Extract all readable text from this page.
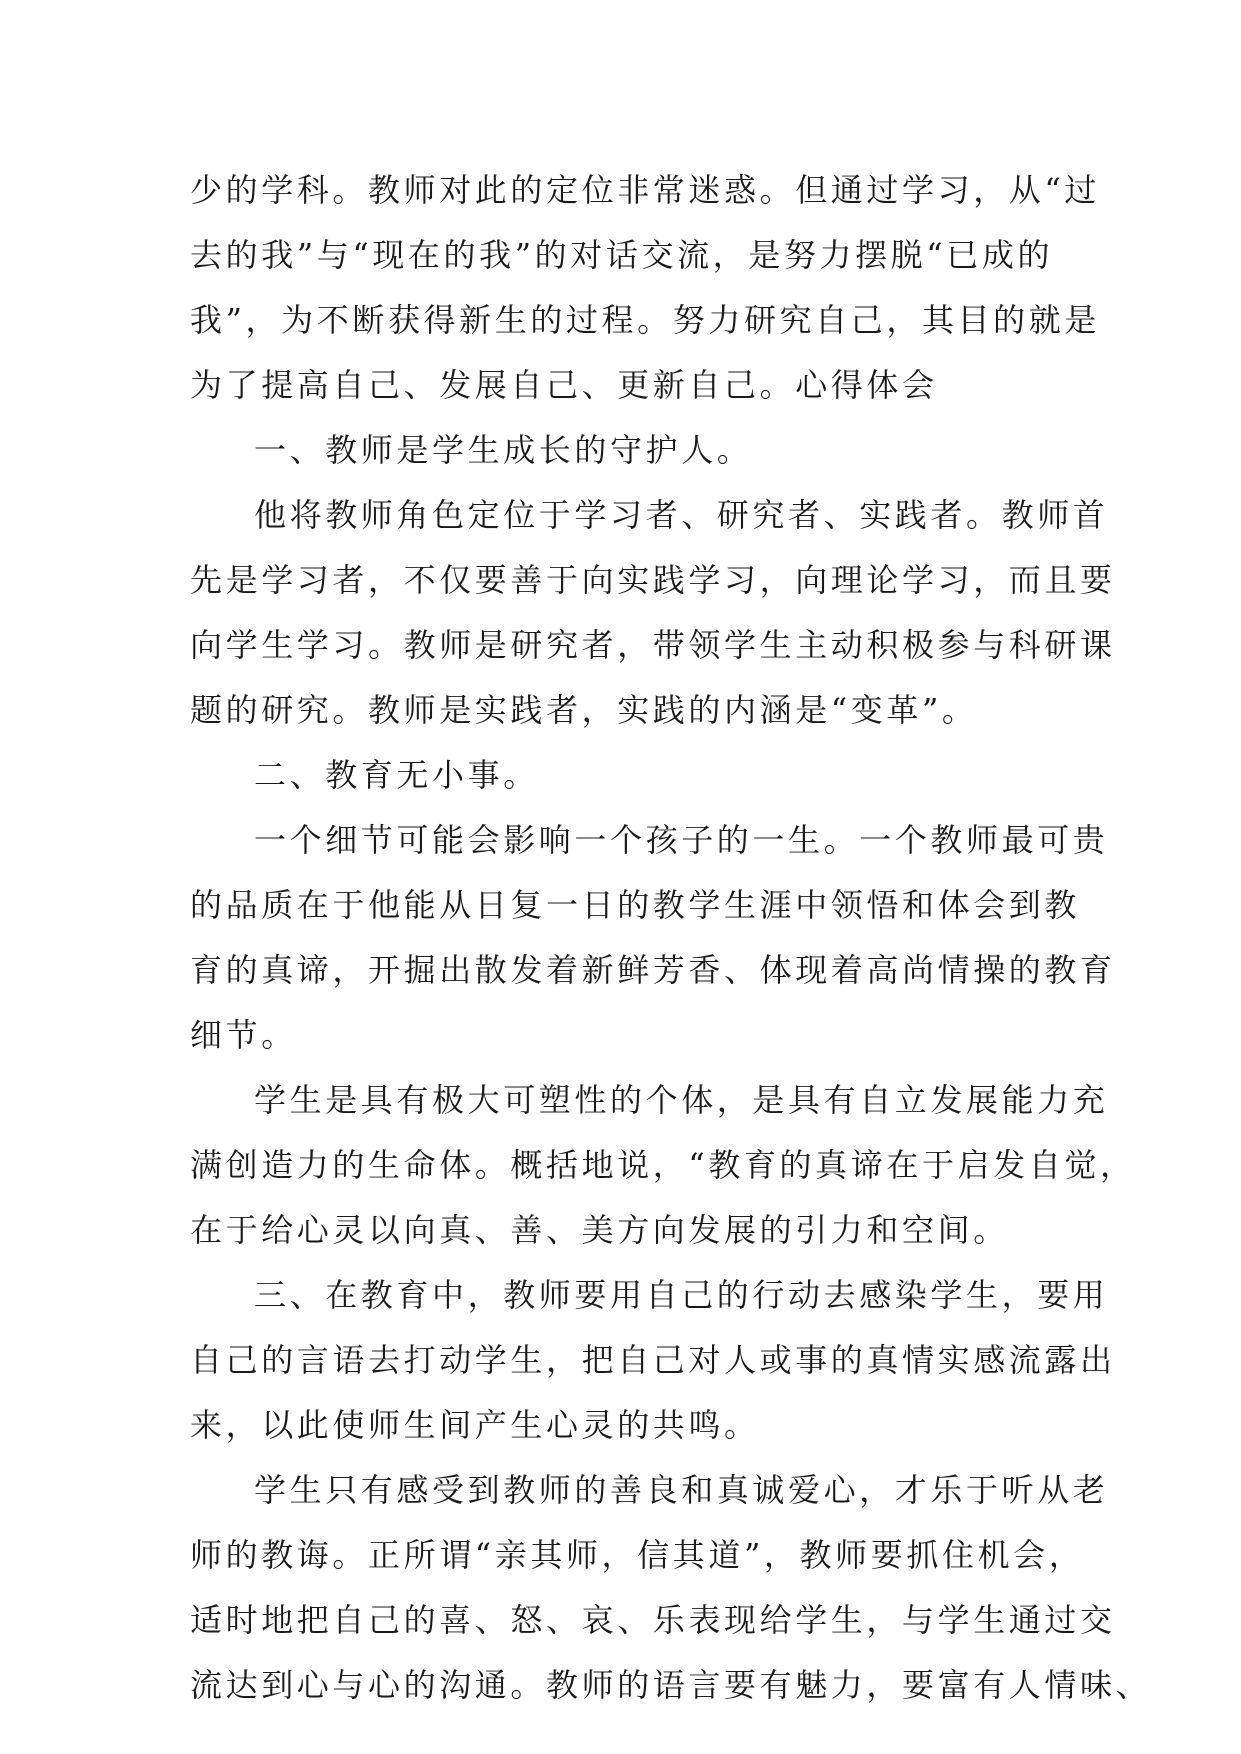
少的学科。教师对此的定位非常迷惑。但通过学习，从“过
去的我”与“现在的我”的对话交流，是努力摆脱“已成的
我”，为不断获得新生的过程。努力研究自己，其目的就是
为了提高自己、发展自己、更新自己。心得体会
一、教师是学生成长的守护人。
他将教师角色定位于学习者、研究者、实践者。教师首
先是学习者，不仅要善于向实践学习，向理论学习，而且要
向学生学习。教师是研究者，带领学生主动积极参与科研课
题的研究。教师是实践者，实践的内涵是“变革”。
二、教育无小事。
一个细节可能会影响一个孩子的一生。一个教师最可贵
的品质在于他能从日复一日的教学生涯中领悟和体会到教
育的真谛，开掘出散发着新鲜芳香、体现着高尚情操的教育
细节。
学生是具有极大可塑性的个体，是具有自立发展能力充
满创造力的生命体。概括地说，“教育的真谛在于启发自觉，
在于给心灵以向真、善、美方向发展的引力和空间。
三、在教育中，教师要用自己的行动去感染学生，要用
自己的言语去打动学生，把自己对人或事的真情实感流露出
来，以此使师生间产生心灵的共鸣。
学生只有感受到教师的善良和真诚爱心，才乐于听从老
师的教诲。正所谓“亲其师，信其道”，教师要抓住机会，
适时地把自己的喜、怒、哀、乐表现给学生，与学生通过交
流达到心与心的沟通。教师的语言要有魅力，要富有人情味、
